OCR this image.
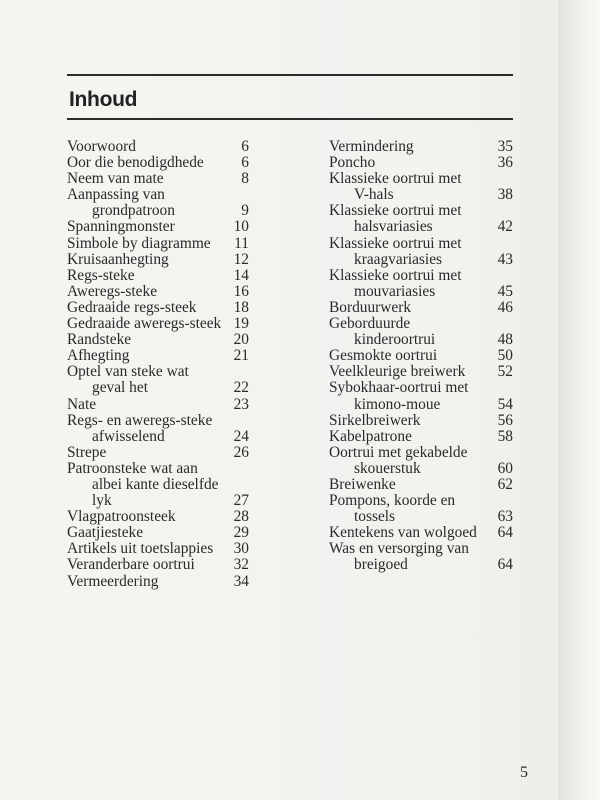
Inhoud
Voorwoord	6
Oor die benodigdhede	6
Neem van mate	8
Aanpassing van
grondpatroon	9
Spanningmonster	10
Simbole by diagramme	11
Kruisaanhegting	12
Regs-steke	14
Aweregs-steke	16
Gedraaide regs-steek	18
Gedraaide aweregs-steek 19
Randsteke	20
Afhegting	21
Optel van steke wat
geval het	22
Nate	23
Regs- en aweregs-steke
afwisselend	24
Strepe	26
Patroonsteke wat aan
albei kante dieselfde
lyk	27
Vlagpatroonsteek	28
Gaatjiesteke	29
Artikels uit toetslappies	30
Veranderbare oortrui	32
Vermeerdering	34
Vermindering	35
Poncho	36
Klassieke oortrui met
V-hals	38
Klassieke oortrui met
halsvariasies	42
Klassieke oortrui met
kraagvariasies	43
Klassieke oortrui met
mouvariasies	45
Borduurwerk	46
Geborduurde
kinderoortrui	48
Gesmokte oortrui	50
Veelkleurige breiwerk	52
Sybokhaar-oortrui met
kimono-moue	54
Sirkelbreiwerk	56
Kabelpatrone	58
Oortrui met gekabelde
skouerstuk	60
Breiwenke	62
Pompons, koorde en
tossels	63
Kentekens van wolgoed	64
Was en versorging van
breigoed	64
5
